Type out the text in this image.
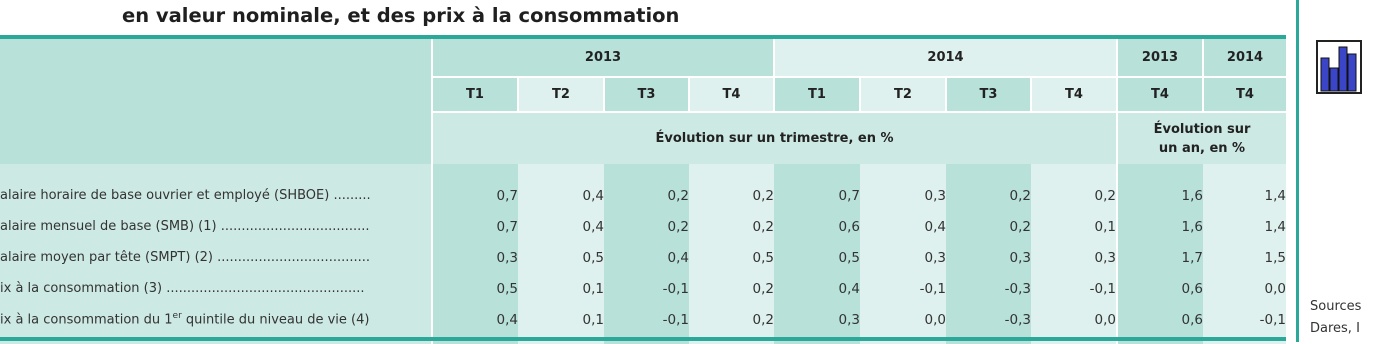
en valeur nominale, et des prix à la consommation
	2013				2014				2013	2014
	T1	T2	T3	T4	T1	T2	T3	T4	T4	T4
	Évolution sur un trimestre, en %								Évolution sur
un an, en %	

alaire horaire de base ouvrier et employé (SHBOE) .........	0,7	0,4	0,2	0,2	0,7	0,3	0,2	0,2	1,6	1,4
alaire mensuel de base (SMB) (1) ....................................	0,7	0,4	0,2	0,2	0,6	0,4	0,2	0,1	1,6	1,4
alaire moyen par tête (SMPT) (2) .....................................	0,3	0,5	0,4	0,5	0,5	0,3	0,3	0,3	1,7	1,5
ix à la consommation (3) ................................................	0,5	0,1	-0,1	0,2	0,4	-0,1	-0,3	-0,1	0,6	0,0
ix à la consommation du 1er quintile du niveau de vie (4)	0,4	0,1	-0,1	0,2	0,3	0,0	-0,3	0,0	0,6	-0,1

Sources
Dares, I
